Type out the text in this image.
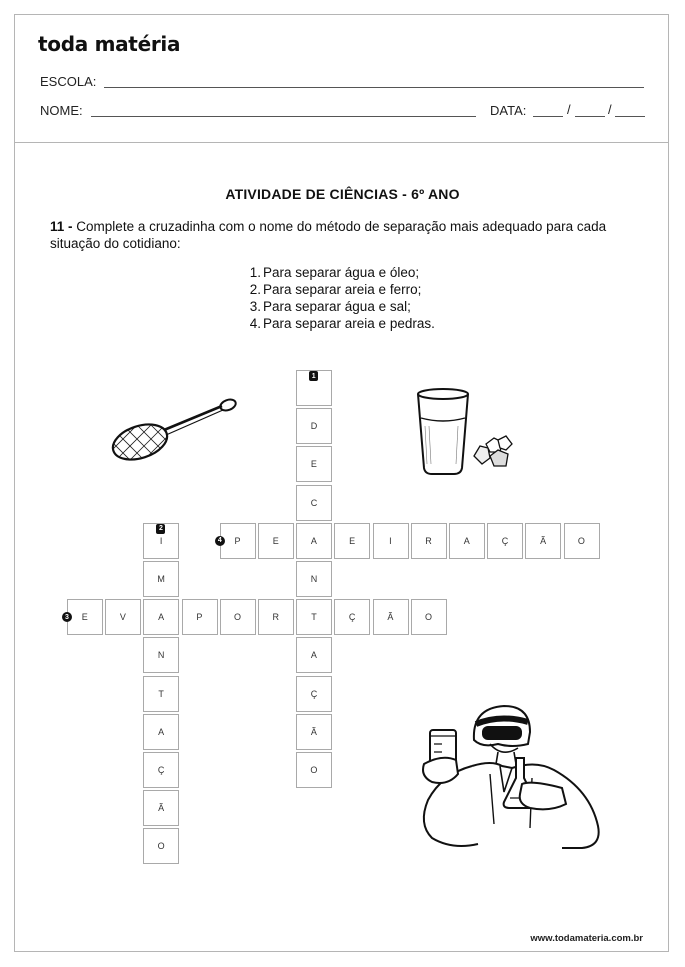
toda matéria
ESCOLA:
NOME:	DATA:	/	/
ATIVIDADE DE CIÊNCIAS - 6º ANO
11 - Complete a cruzadinha com o nome do método de separação mais adequado para cada situação do cotidiano:
1. Para separar água e óleo;
2. Para separar areia e ferro;
3. Para separar água e sal;
4. Para separar areia e pedras.
D
E
C
A
N
T
A
Ç
Ã
O
I
M
A
N
T
A
Ç
Ã
O
E	V	P	O	R	Ç	Ã	O
P	E	E	I	R	A	Ç	Ã	O
1
2
3
4
www.todamateria.com.br
